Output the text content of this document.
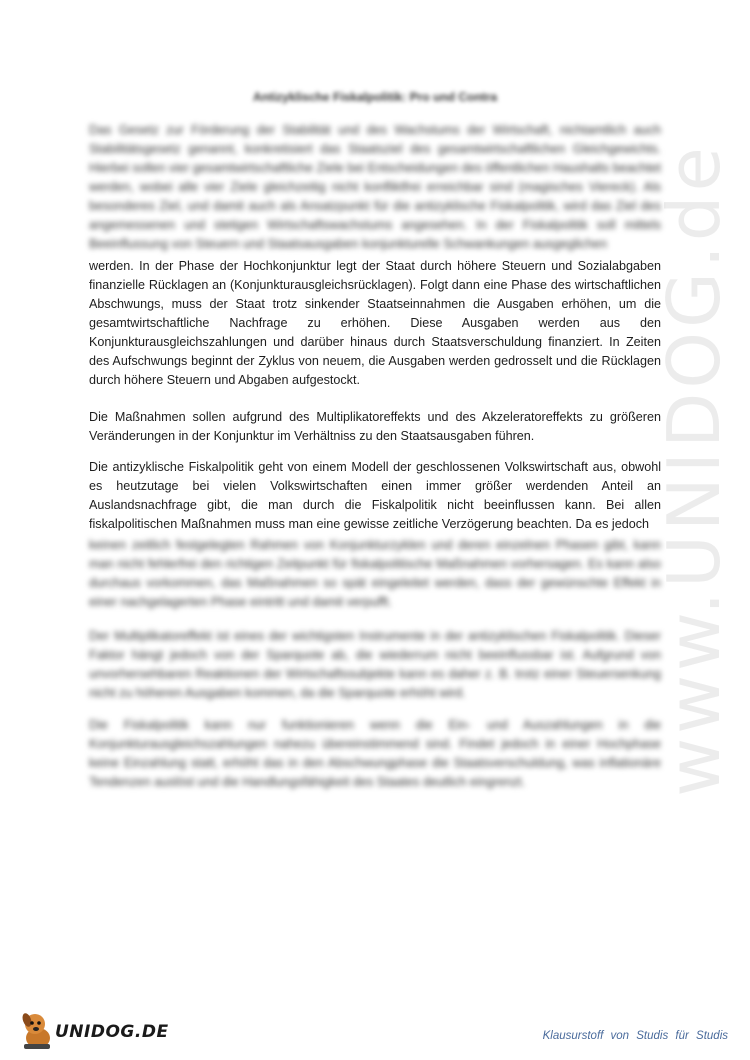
www.UNIDOG.de
Antizyklische Fiskalpolitik: Pro und Contra

Das Gesetz zur Förderung der Stabilität und des Wachstums der Wirtschaft, nichtamtlich auch Stabilitätsgesetz genannt, konkretisiert das Staatsziel des gesamtwirtschaftlichen Gleichgewichts. Hierbei sollen vier gesamtwirtschaftliche Ziele bei Entscheidungen des öffentlichen Haushalts beachtet werden, wobei alle vier Ziele gleichzeitig nicht konfliktfrei erreichbar sind (magisches Viereck). Als besonderes Ziel, und damit auch als Ansatzpunkt für die antizyklische Fiskalpolitik, wird das Ziel des angemessenen und stetigen Wirtschaftswachstums angesehen. In der Fiskalpolitik soll mittels Beeinflussung von Steuern und Staatsausgaben konjunkturelle Schwankungen ausgeglichen

werden. In der Phase der Hochkonjunktur legt der Staat durch höhere Steuern und Sozialabgaben finanzielle Rücklagen an (Konjunkturausgleichsrücklagen). Folgt dann eine Phase des wirtschaftlichen Abschwungs, muss der Staat trotz sinkender Staatseinnahmen die Ausgaben erhöhen, um die gesamtwirtschaftliche Nachfrage zu erhöhen. Diese Ausgaben werden aus den Konjunkturausgleichszahlungen und darüber hinaus durch Staatsverschuldung finanziert. In Zeiten des Aufschwungs beginnt der Zyklus von neuem, die Ausgaben werden gedrosselt und die Rücklagen durch höhere Steuern und Abgaben aufgestockt.

Die Maßnahmen sollen aufgrund des Multiplikatoreffekts und des Akzeleratoreffekts zu größeren Veränderungen in der Konjunktur im Verhältniss zu den Staatsausgaben führen.

Die antizyklische Fiskalpolitik geht von einem Modell der geschlossenen Volkswirtschaft aus, obwohl es heutzutage bei vielen Volkswirtschaften einen immer größer werdenden Anteil an Auslandsnachfrage gibt, die man durch die Fiskalpolitik nicht beeinflussen kann. Bei allen fiskalpolitischen Maßnahmen muss man eine gewisse zeitliche Verzögerung beachten. Da es jedoch

keinen zeitlich festgelegten Rahmen von Konjunkturzyklen und deren einzelnen Phasen gibt, kann man nicht fehlerfrei den richtigen Zeitpunkt für fiskalpolitische Maßnahmen vorhersagen. Es kann also durchaus vorkommen, das Maßnahmen so spät eingeleitet werden, dass der gewünschte Effekt in einer nachgelagerten Phase eintritt und damit verpufft.

Der Multiplikatoreffekt ist eines der wichtigsten Instrumente in der antizyklischen Fiskalpolitik. Dieser Faktor hängt jedoch von der Sparquote ab, die wiederrum nicht beeinflussbar ist. Aufgrund von unvorhersehbaren Reaktionen der Wirtschaftssubjekte kann es daher z. B. trotz einer Steuersenkung nicht zu höheren Ausgaben kommen, da die Sparquote erhöht wird.

Die Fiskalpolitik kann nur funktionieren wenn die Ein- und Auszahlungen in die Konjunkturausgleichszahlungen nahezu übereinstimmend sind. Findet jedoch in einer Hochphase keine Einzahlung statt, erhöht das in den Abschwungphase die Staatsverschuldung, was inflationäre Tendenzen auslöst und die Handlungsfähigkeit des Staates deutlich eingrenzt.

UNIDOG.DE	Klausurstoff von Studis für Studis
